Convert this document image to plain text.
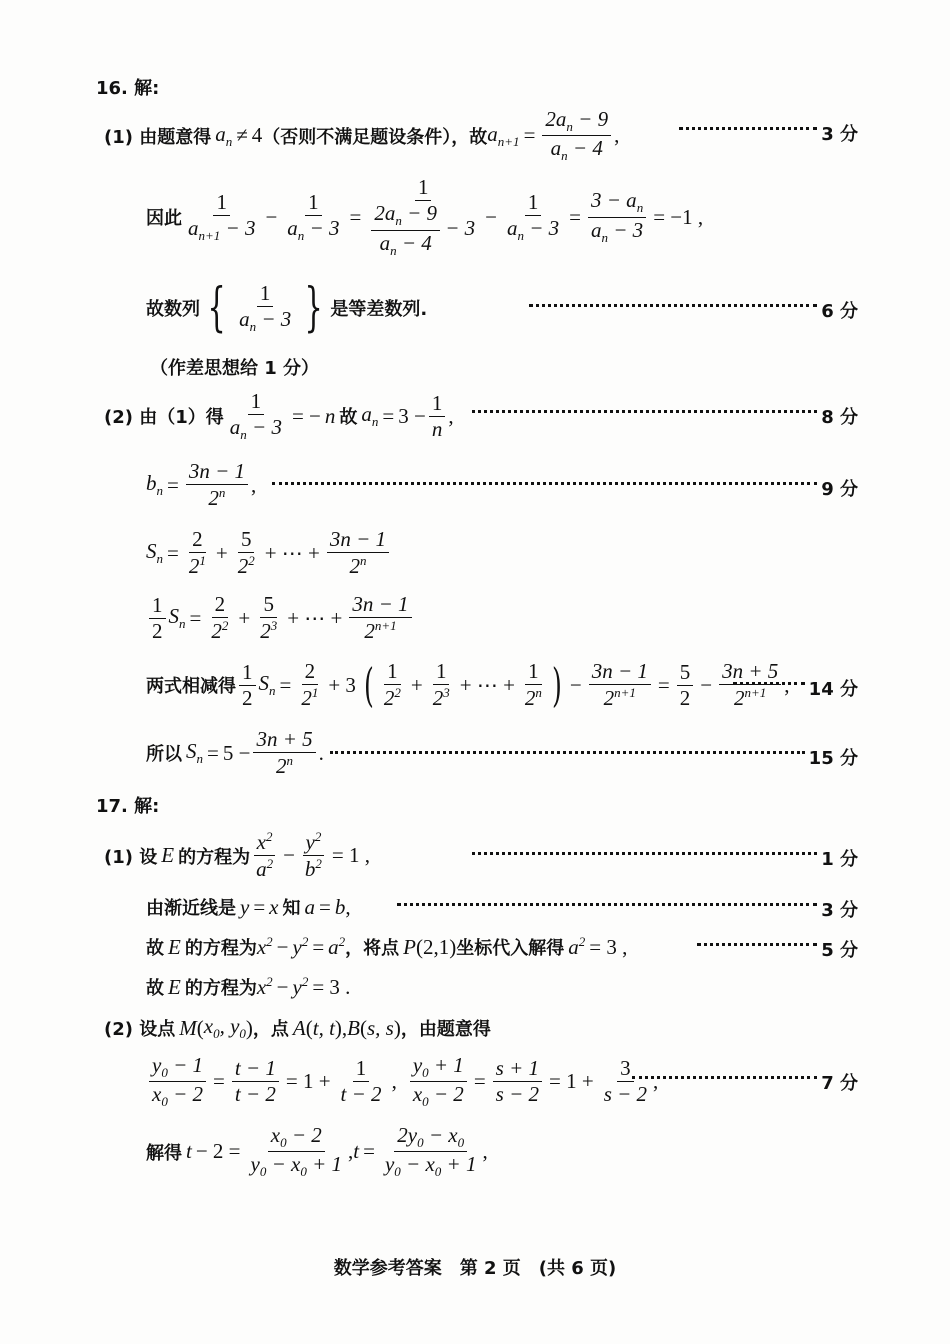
16. 解:
(1) 由题意得 $a_n \ne 4$ （否则不满足题设条件），故 $a_{n+1} = \frac{2a_n - 9}{a_n - 4}$ ,	3 分
因此 $\frac{1}{a_{n+1} - 3} - \frac{1}{a_n - 3} = \frac{1}{\frac{2a_n - 9}{a_n - 4} - 3} - \frac{1}{a_n - 3} = \frac{3 - a_n}{a_n - 3} = -1$ ,
故数列 { $\frac{1}{a_n - 3}$ } 是等差数列.	6 分
（作差思想给 1 分）
(2) 由（1）得 $\frac{1}{a_n - 3}$ = − n 故 $a_n = 3 - \frac{1}{n}$ ,	8 分
$b_n = \frac{3n - 1}{2^n}$ ,	9 分
$S_n = \frac{2}{2^1} + \frac{5}{2^2}$ + ⋯ + $\frac{3n - 1}{2^n}$
$\frac{1}{2} S_n = \frac{2}{2^2} + \frac{5}{2^3}$ + ⋯ + $\frac{3n - 1}{2^{n+1}}$
两式相减得 $\frac{1}{2} S_n = \frac{2}{2^1} + 3$ ( $\frac{1}{2^2} + \frac{1}{2^3}$ + ⋯ + $\frac{1}{2^n}$ ) − $\frac{3n - 1}{2^{n+1}} = \frac{5}{2} - \frac{3n + 5}{2^{n+1}}$ , 14 分
所以 $S_n = 5 - \frac{3n + 5}{2^n}$ .	15 分
17. 解:
(1) 设 E 的方程为 $\frac{x^2}{a^2} - \frac{y^2}{b^2} = 1$ ,	1 分
由渐近线是 y = x 知 a = b ,	3 分
故 E 的方程为 $x^2 - y^2 = a^2$ ，将点 P (2,1) 坐标代入解得 $a^2 = 3$ ,	5 分
故 E 的方程为 $x^2 - y^2 = 3$ .
(2) 设点 M ( $x_0$, $y_0$ ) ，点 A ( t, t ), B ( s, s ) ，由题意得
$\frac{y_0 - 1}{x_0 - 2} = \frac{t - 1}{t - 2} = 1 + \frac{1}{t - 2}$ , $\frac{y_0 + 1}{x_0 - 2} = \frac{s + 1}{s - 2} = 1 + \frac{3}{s - 2}$ ,	7 分
解得 $t - 2 = \frac{x_0 - 2}{y_0 - x_0 + 1}$ , $t = \frac{2y_0 - x_0}{y_0 - x_0 + 1}$ ,
数学参考答案　第 2 页　(共 6 页)
